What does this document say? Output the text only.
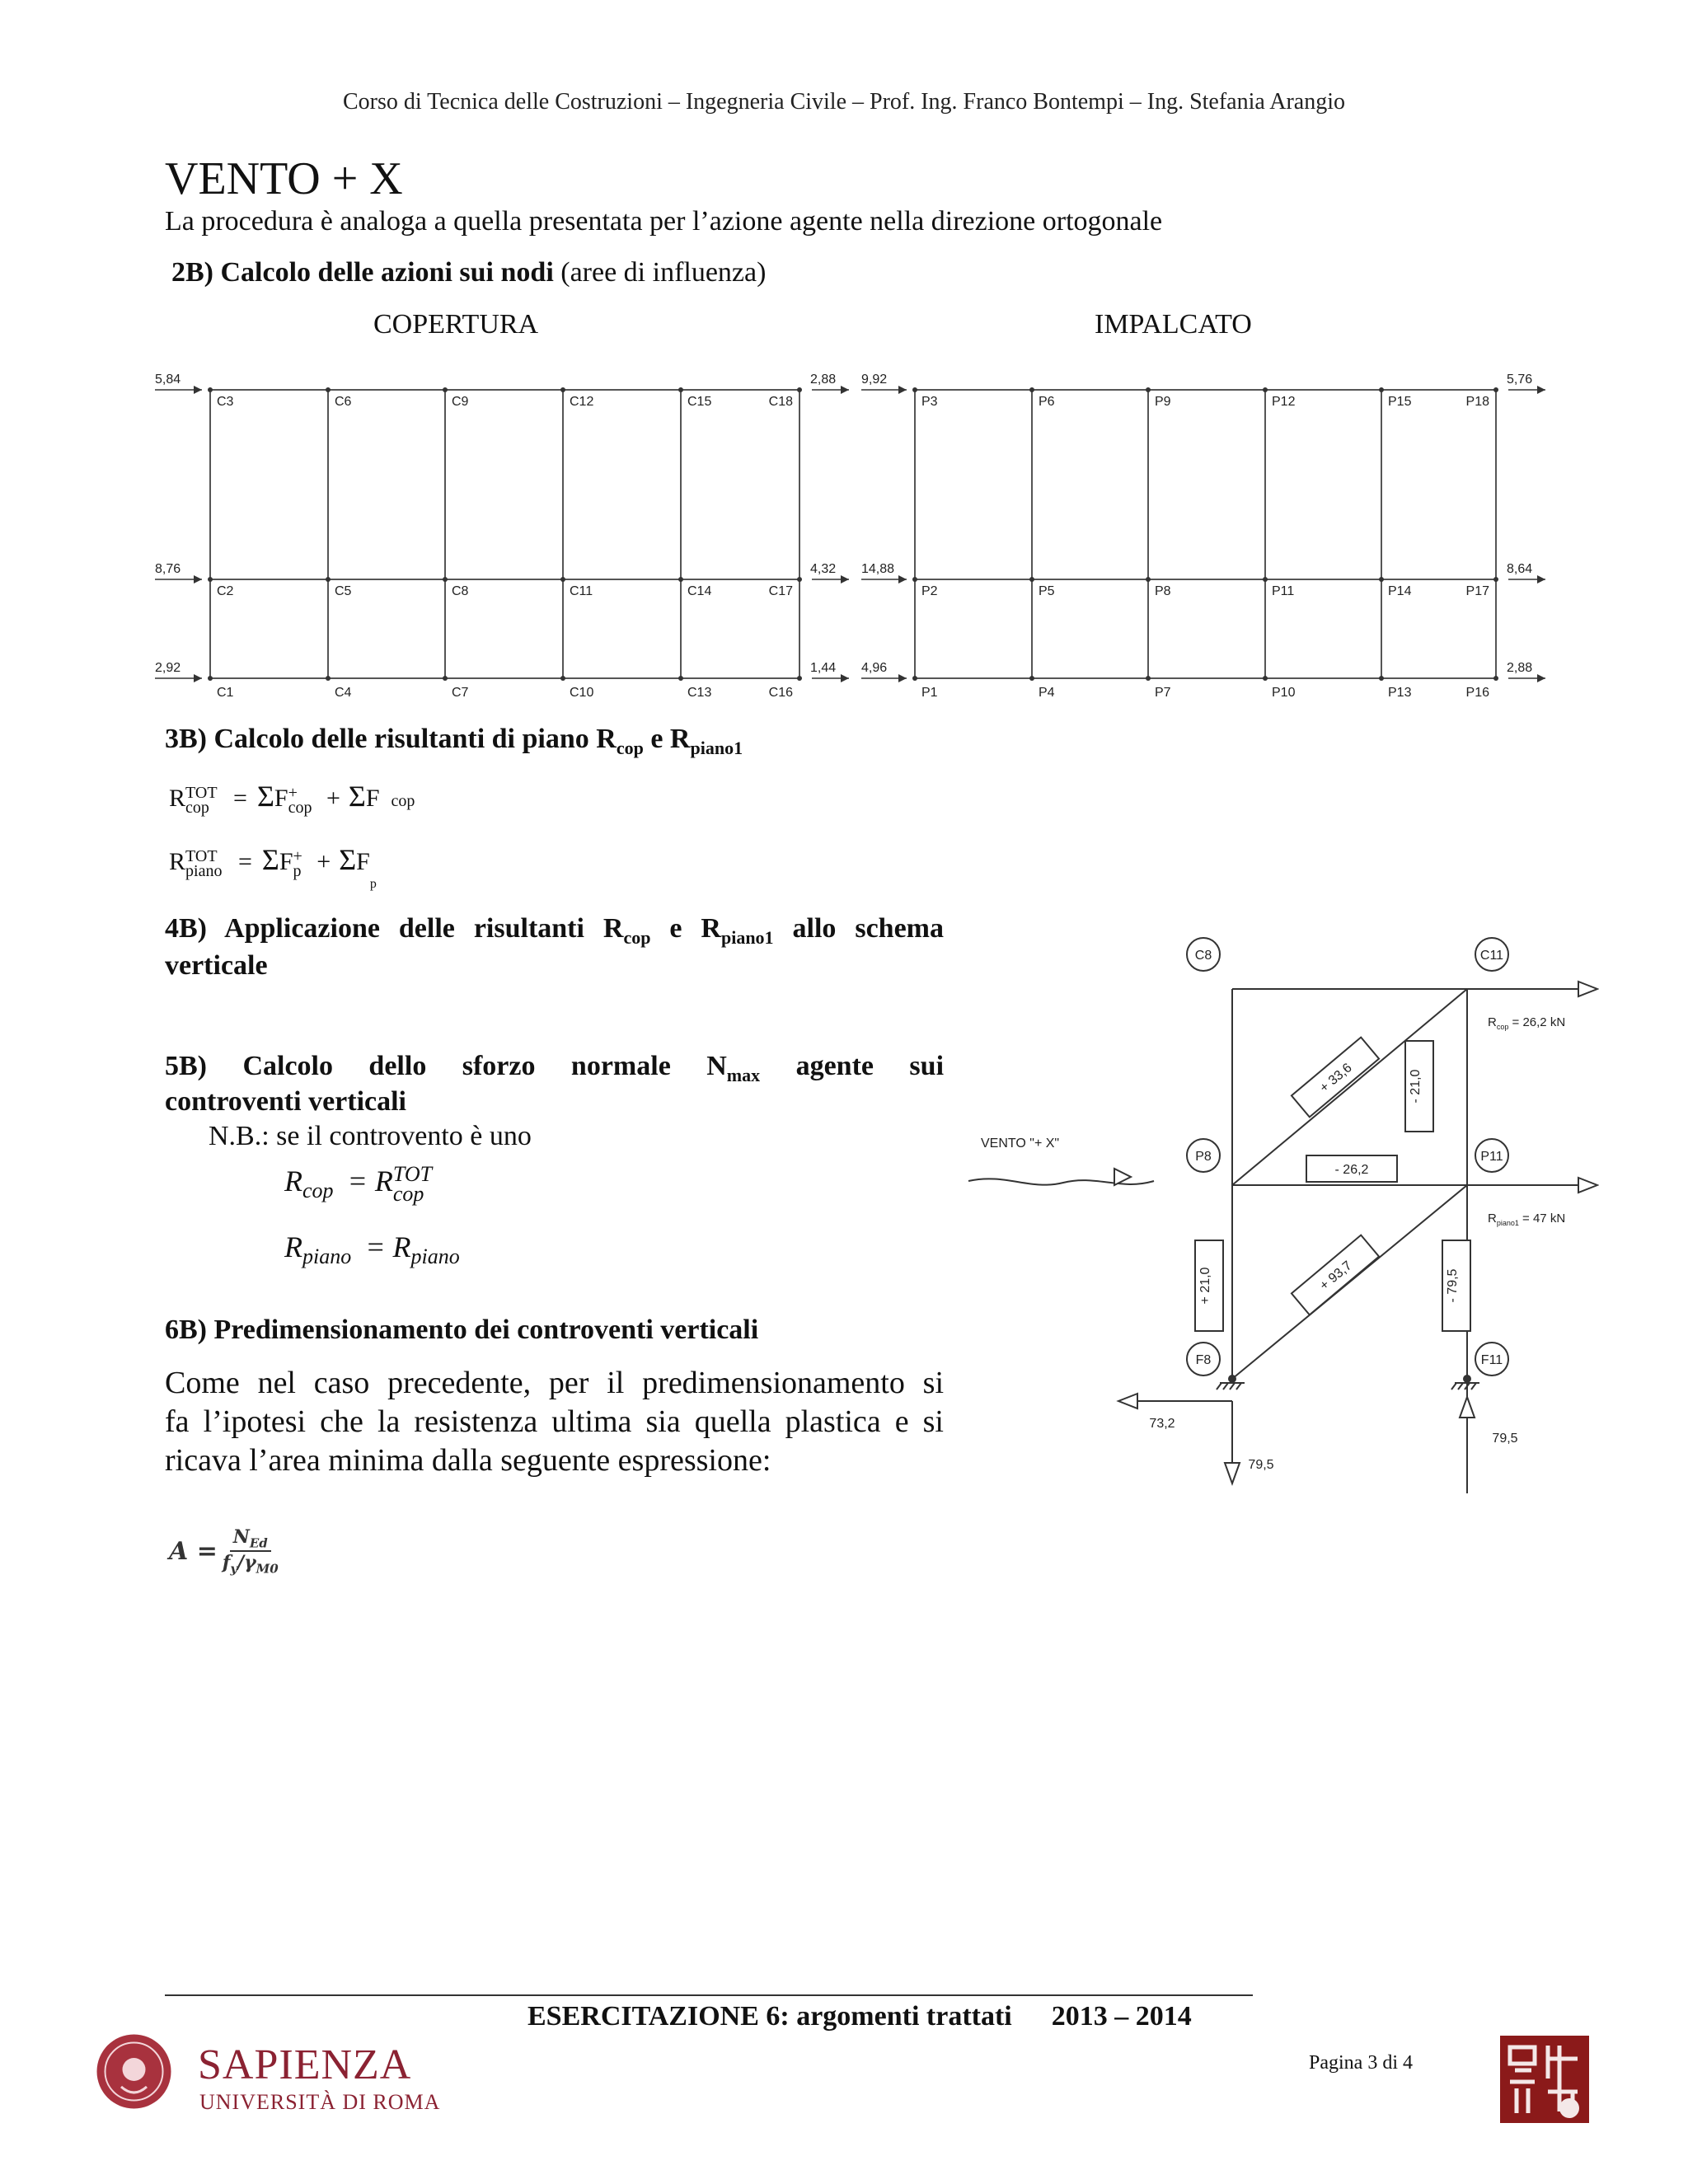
Corso di Tecnica delle Costruzioni – Ingegneria Civile – Prof. Ing. Franco Bontempi – Ing. Stefania Arangio
VENTO + X
La procedura è analoga a quella presentata per l’azione agente nella direzione ortogonale
2B) Calcolo delle azioni sui nodi (aree di influenza)
COPERTURA	IMPALCATO
C3	C6	C9	C12	C15	C18
C2	C5	C8	C11	C14	C17
C1	C4	C7	C10	C13	C16
5,84
8,76
2,92
2,88
4,32
1,44
P3	P6	P9	P12	P15	P18
P2	P5	P8	P11	P14	P17
P1	P4	P7	P10	P13	P16
9,92
14,88
4,96
5,76
8,64
2,88
3B) Calcolo delle risultanti di piano $R_{cop}$ e $R_{piano1}$
RTOT
cop = ΣF+
cop + ΣF cop
RTOT
piano = ΣF+
$p + \Sigma F_p$
4B) Applicazione delle risultanti $R_{cop}$ e $R_{piano1}$ allo schema
verticale
5B) Calcolo dello sforzo normale $N_{max}$ agente sui
controventi verticali
N.B.: se il controvento è uno
$R_{cop}$ = RTOT
cop
$R_{piano} = R_{piano}$
6B) Predimensionamento dei controventi verticali
Come nel caso precedente, per il predimensionamento si
fa l’ipotesi che la resistenza ultima sia quella plastica e si
ricava l’area minima dalla seguente espressione:
$A = N_{Ed}$
$f_y/\gamma_{M0}$
C8	C11
P8	P11
F8	F11
VENTO "+ X"
- 26,2
- 21,0
+ 21,0	- 79,5
+ 33,6
+ 93,7
73,2
79,5
79,5
$R_{cop} = 26,2$ kN
$R_{piano1} = 47$ kN
ESERCITAZIONE 6: argomenti trattati 2013 – 2014
Pagina 3 di 4
SAPIENZA
UNIVERSITÀ DI ROMA
